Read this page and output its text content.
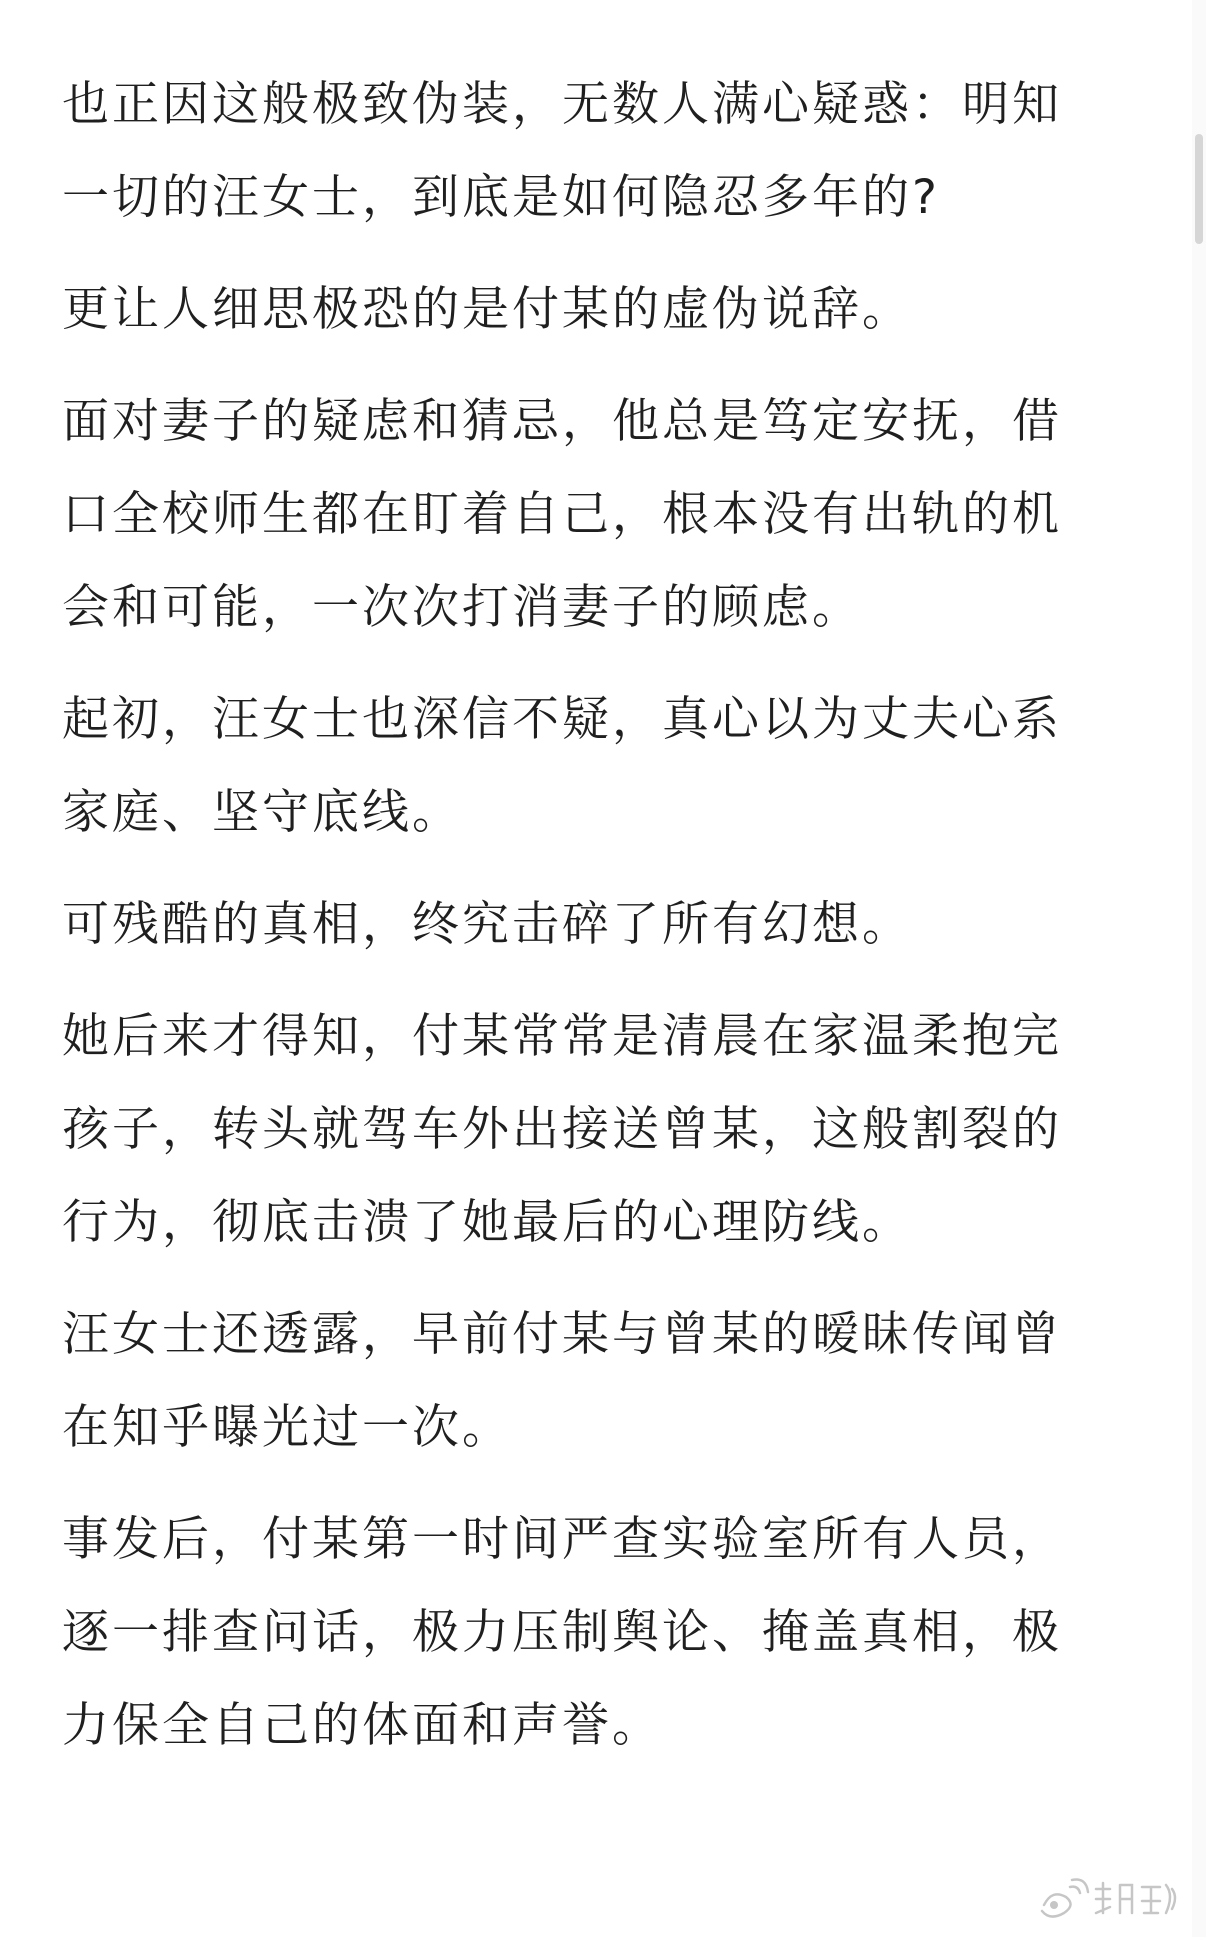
也正因这般极致伪装，无数人满心疑惑：明知
一切的汪女士，到底是如何隐忍多年的?
更让人细思极恐的是付某的虚伪说辞。
面对妻子的疑虑和猜忌，他总是笃定安抚，借
口全校师生都在盯着自己，根本没有出轨的机
会和可能，一次次打消妻子的顾虑。
起初，汪女士也深信不疑，真心以为丈夫心系
家庭、坚守底线。
可残酷的真相，终究击碎了所有幻想。
她后来才得知，付某常常是清晨在家温柔抱完
孩子，转头就驾车外出接送曾某，这般割裂的
行为，彻底击溃了她最后的心理防线。
汪女士还透露，早前付某与曾某的暧昧传闻曾
在知乎曝光过一次。
事发后，付某第一时间严查实验室所有人员，
逐一排查问话，极力压制舆论、掩盖真相，极
力保全自己的体面和声誉。
